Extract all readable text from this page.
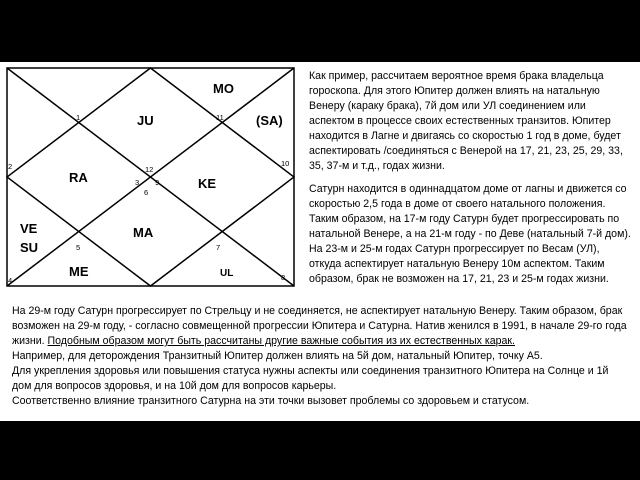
1
2
3
4
5
6
7
8
9
10
11
12
MO
JU	(SA)
RA	KE
VE
SU
MA
ME	UL

Как пример, рассчитаем вероятное время брака владельца гороскопа. Для этого Юпитер должен влиять на натальную Венеру (караку брака), 7й дом или УЛ соединением или аспектом в процессе своих естественных транзитов. Юпитер находится в Лагне и двигаясь со скоростью 1 год в доме, будет аспектировать /соединяться с Венерой на 17, 21, 23, 25, 29, 33, 35, 37-м и т.д., годах жизни.

Сатурн находится в одиннадцатом доме от лагны и движется со скоростью 2,5 года в доме от своего натального положения. Таким образом, на 17-м году Сатурн будет прогрессировать по натальной Венере, а на 21-м году - по Деве (натальный 7-й дом). На 23-м и 25-м годах Сатурн прогрессирует по Весам (УЛ), откуда аспектирует натальную Венеру 10м аспектом. Таким образом, брак не возможен на 17, 21, 23 и 25-м годах жизни.

На 29-м году Сатурн прогрессирует по Стрельцу и не соединяется, не аспектирует натальную Венеру. Таким образом, брак возможен на 29-м году, - согласно совмещенной прогрессии Юпитера и Сатурна. Натив женился в 1991, в начале 29-го года жизни. Подобным образом могут быть рассчитаны другие важные события из их естественных карак.
Например, для деторождения Транзитный Юпитер должен влиять на 5й дом, натальный Юпитер, точку А5.
Для укрепления здоровья или повышения статуса нужны аспекты или соединения транзитного Юпитера на Солнце и 1й дом для вопросов здоровья, и на 10й дом для вопросов карьеры.
Соответственно влияние транзитного Сатурна на эти точки вызовет проблемы со здоровьем и статусом.
